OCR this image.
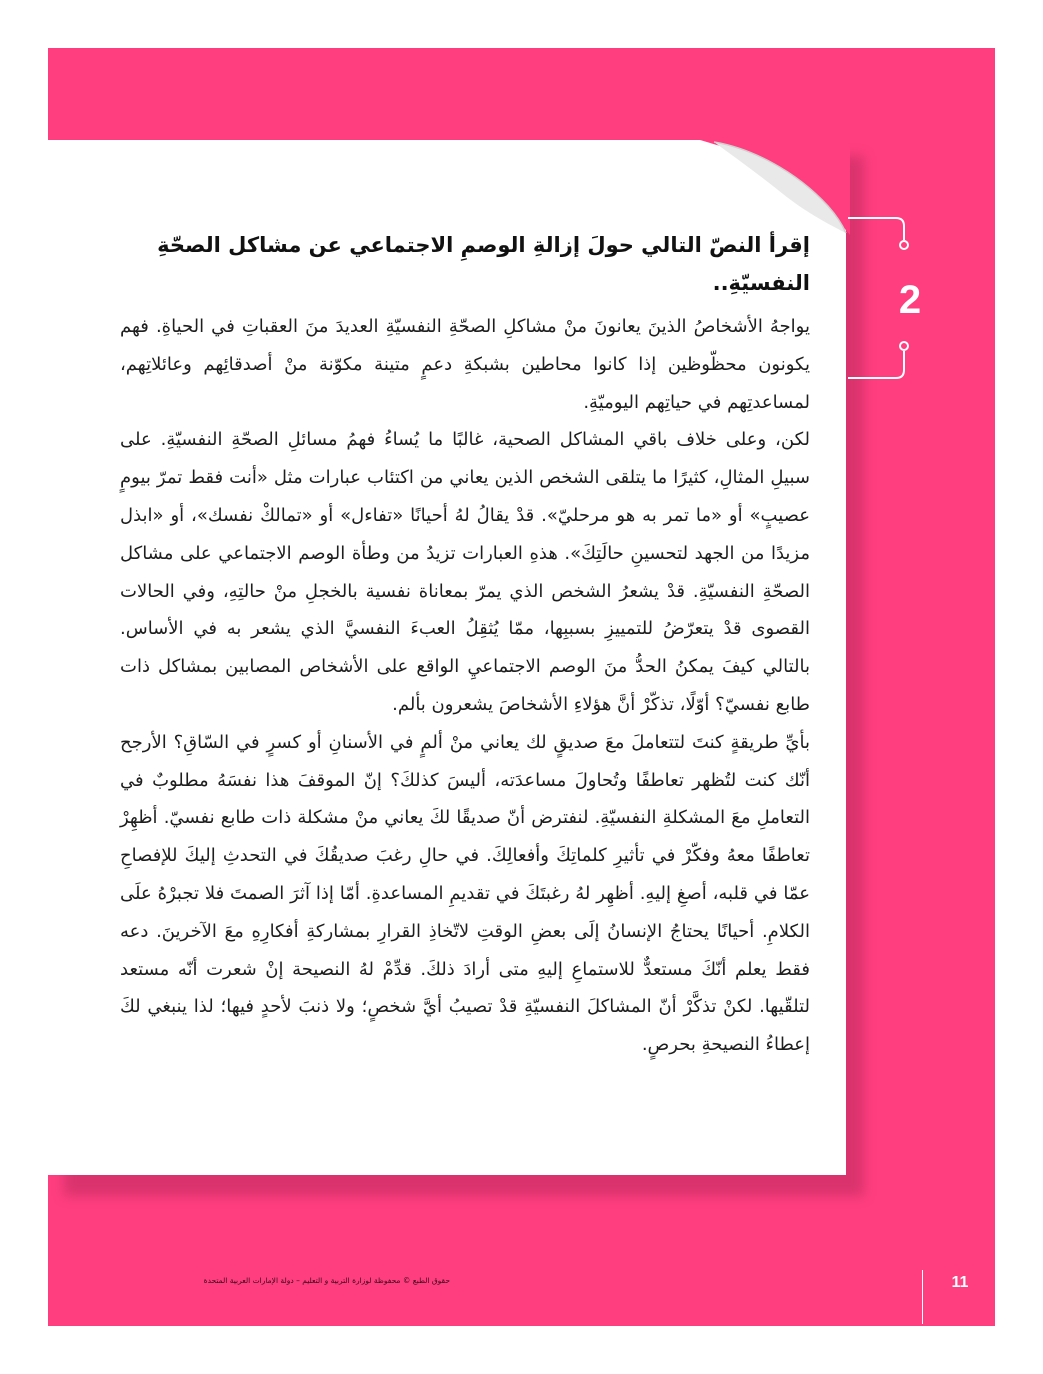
2
إقرأ النصّ التالي حولَ إزالةِ الوصمِ الاجتماعي عن مشاكل الصحّةِ النفسيّةِ..

يواجهُ الأشخاصُ الذينَ يعانونَ منْ مشاكلِ الصحّةِ النفسيّةِ العديدَ منَ العقباتِ في الحياةِ. فهم يكونون محظّوظين إذا كانوا محاطين بشبكةِ دعمٍ متينة مكوّنة منْ أصدقائِهم وعائلاتِهم، لمساعدتِهم في حياتِهم اليوميّةِ.

لكن، وعلى خلاف باقي المشاكل الصحية، غالبًا ما يُساءُ فهمُ مسائلِ الصحّةِ النفسيّةِ. على سبيلِ المثالِ، كثيرًا ما يتلقى الشخص الذين يعاني من اكتئاب عبارات مثل «أنت فقط تمرّ بيومٍ عصيبٍ» أو «ما تمر به هو مرحليّ». قدْ يقالُ لهُ أحيانًا «تفاءل» أو «تمالكْ نفسك»، أو «ابذل مزيدًا من الجهد لتحسينِ حالَتِكَ». هذهِ العبارات تزيدُ من وطأة الوصم الاجتماعي على مشاكل الصحّةِ النفسيّةِ. قدْ يشعرُ الشخص الذي يمرّ بمعاناة نفسية بالخجلِ منْ حالتِهِ، وفي الحالات القصوى قدْ يتعرّضُ للتمييزِ بسببِها، ممّا يُثقِلُ العبءَ النفسيَّ الذي يشعر به في الأساس. بالتالي كيفَ يمكنُ الحدُّ منَ الوصم الاجتماعيِ الواقع على الأشخاص المصابين بمشاكل ذات طابع نفسيّ؟ أوّلًا، تذكّرْ أنَّ هؤلاءِ الأشخاصَ يشعرون بألم.

بأيِّ طريقةٍ كنتَ لتتعاملَ معَ صديقٍ لك يعاني منْ ألمٍ في الأسنانِ أو كسرٍ في السّاقِ؟ الأرجح أنّك كنت لتُظهر تعاطفًا وتُحاولَ مساعدَته، أليسَ كذلكَ؟ إنّ الموقفَ هذا نفسَهُ مطلوبٌ في التعاملِ معَ المشكلةِ النفسيّةِ. لنفترض أنّ صديقًا لكَ يعاني منْ مشكلة ذات طابع نفسيّ. أظهِرْ تعاطفًا معهُ وفكّرْ في تأثيرِ كلماتِكَ وأفعالِكَ. في حالِ رغبَ صديقُكَ في التحدثِ إليكَ للإفصاحِ عمّا في قلبه، أصغِ إليهِ. أظهِر لهُ رغبتَكَ في تقديمِ المساعدةِ. أمّا إذا آثرَ الصمتَ فلا تجبرْهُ علَى الكلامِ. أحيانًا يحتاجُ الإنسانُ إلَى بعضِ الوقتِ لاتّخاذِ القرارِ بمشاركةِ أفكارِهِ معَ الآخرينَ. دعه فقط يعلم أنّكَ مستعدٌّ للاستماعِ إليهِ متى أرادَ ذلكَ. قدِّمْ لهُ النصيحة إنْ شعرت أنّه مستعد لتلقّيها. لكنْ تذكَّرْ أنّ المشاكلَ النفسيّةِ قدْ تصيبُ أيَّ شخصٍ؛ ولا ذنبَ لأحدٍ فيها؛ لذا ينبغي لكَ إعطاءُ النصيحةِ بحرصٍ.

حقوق الطبع © محفوظة لوزارة التربية و التعليم – دولة الإمارات العربية المتحدة	11
